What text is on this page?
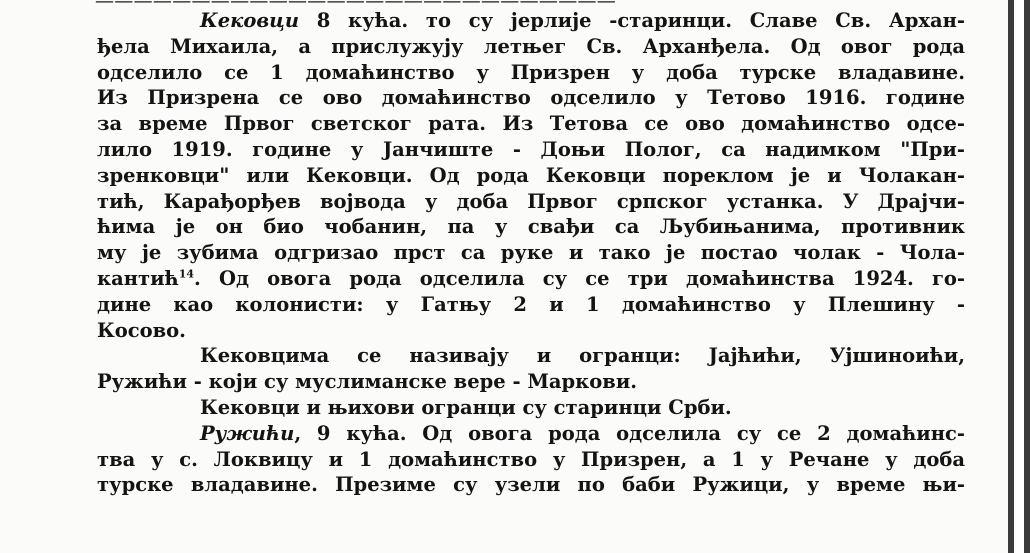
———————————————————————————

Кековци 8 кућа. то су јерлије -старинци. Славе Св. Архан-
ђела Михаила, а прислужују летњег Св. Арханђела. Од овог рода
одселило се 1 домаћинство у Призрен у доба турске владавине.
Из Призрена се ово домаћинство одселило у Тетово 1916. године
за време Првог светског рата. Из Тетова се ово домаћинство одсе-
лило 1919. године у Јанчиште - Доњи Полог, са надимком "При-
зренковци" или Кековци. Од рода Кековци пореклом је и Чолакан-
тић, Карађорђев војвода у доба Првог српског устанка. У Драјчи-
ћима је он био чобанин, па у свађи са Љубињанима, противник
му је зубима одгризао прст са руке и тако је постао чолак - Чола-
кантић$^{14}$. Од овога рода одселила су се три домаћинства 1924. го-
дине као колонисти: у Гатњу 2 и 1 домаћинство у Плешину -
Косово.

Кековцима се називају и огранци: Јајћићи, Ујшиноићи,
Ружићи - који су муслиманске вере - Маркови.

Кековци и њихови огранци су старинци Срби.

Ружићи, 9 кућа. Од овога рода одселила су се 2 домаћинс-
тва у с. Локвицу и 1 домаћинство у Призрен, а 1 у Речане у доба
турске владавине. Презиме су узели по баби Ружици, у време њи-
